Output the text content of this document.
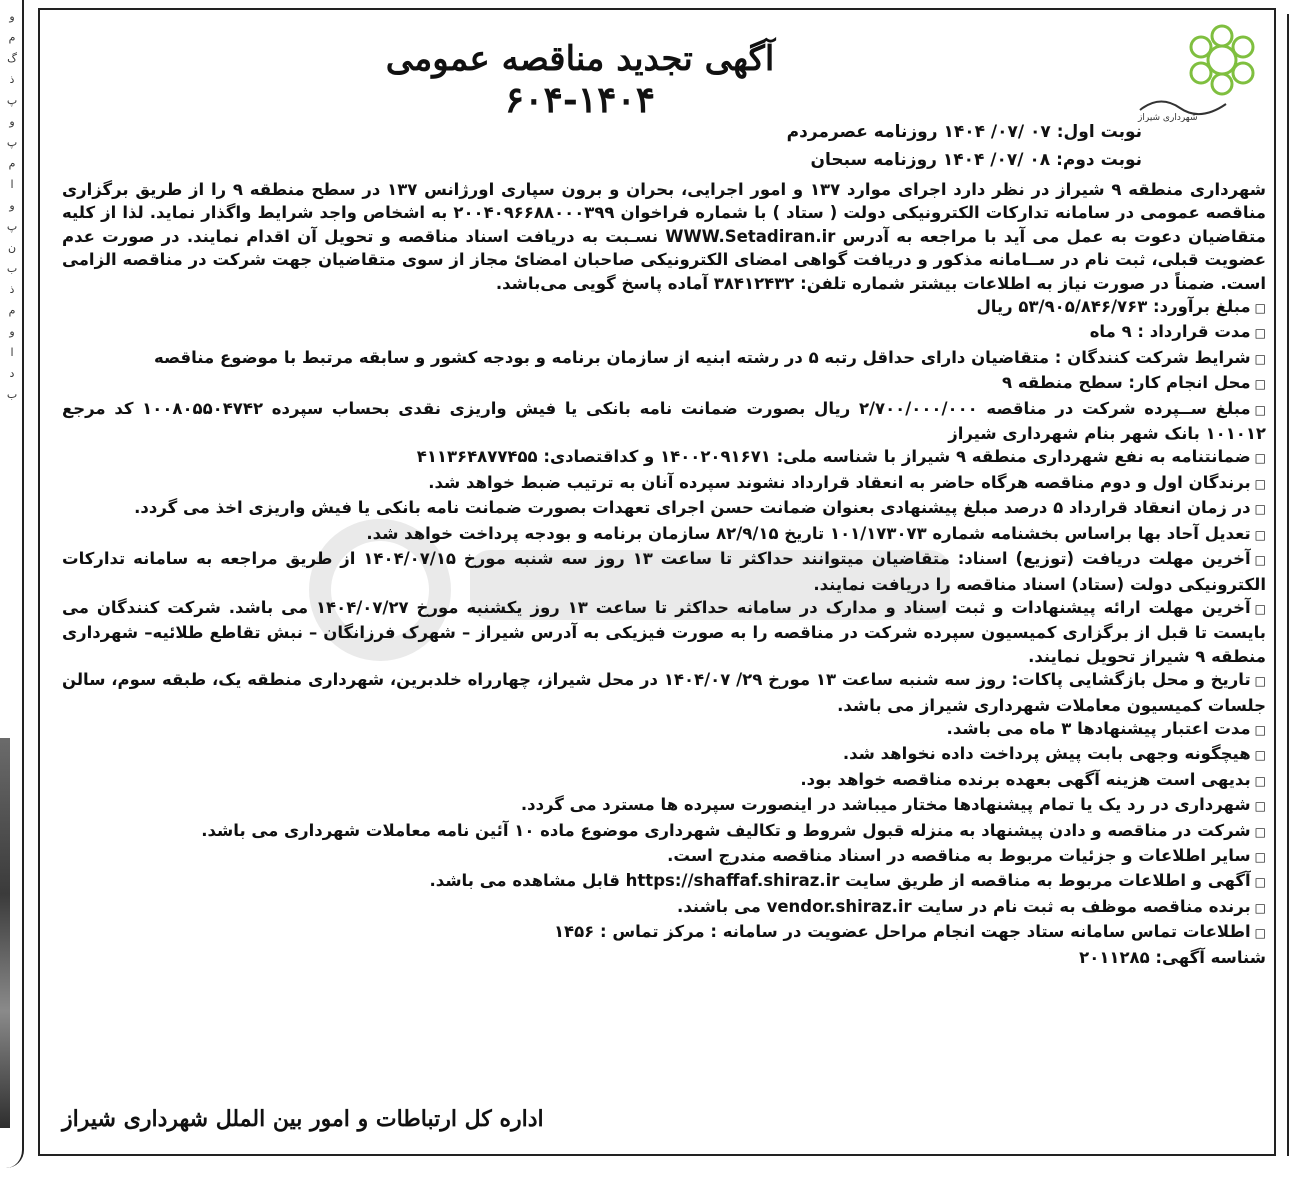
و
م
گ
ذ
پ
و
پ
م
ا
و
پ
ن
ب
ذ
م
و
ا
د
ب
شهرداری شیراز
آگهی تجدید مناقصه عمومی
۶۰۴-۱۴۰۴
نوبت اول: ۰۷ /۰۷/ ۱۴۰۴ روزنامه عصرمردم
نوبت دوم: ۰۸ /۰۷/ ۱۴۰۴ روزنامه سبحان

شهرداری منطقه ۹ شیراز در نظر دارد اجرای موارد ۱۳۷ و امور اجرایی، بحران و برون سپاری اورژانس ۱۳۷ در سطح منطقه ۹ را از طریق برگزاری مناقصه عمومی در سامانه تدارکات الکترونیکی دولت ( ستاد ) با شماره فراخوان ۲۰۰۴۰۹۶۶۸۸۰۰۰۳۹۹ به اشخاص واجد شرایط واگذار نماید. لذا از کلیه متقاضیان دعوت به عمل می آید با مراجعه به آدرس WWW.Setadiran.ir نسـبت به دریافت اسناد مناقصه و تحویل آن اقدام نمایند. در صورت عدم عضویت قبلی، ثبت نام در ســامانه مذکور و دریافت گواهی امضای الکترونیکی صاحبان امضائ مجاز از سوی متقاضیان جهت شرکت در مناقصه الزامی است. ضمناً در صورت نیاز به اطلاعات بیشتر شماره تلفن: ۳۸۴۱۲۴۳۲ آماده پاسخ گویی می‌باشد.

□ مبلغ برآورد: ۵۳/۹۰۵/۸۴۶/۷۶۳ ریال

□ مدت قرارداد : ۹ ماه

□ شرایط شرکت کنندگان : متقاضیان دارای حداقل رتبه ۵ در رشته ابنیه از سازمان برنامه و بودجه کشور و سابقه مرتبط با موضوع مناقصه

□ محل انجام کار: سطح منطقه ۹

□ مبلغ ســپرده شرکت در مناقصه ۲/۷۰۰/۰۰۰/۰۰۰ ریال بصورت ضمانت نامه بانکی یا فیش واریزی نقدی بحساب سپرده ۱۰۰۸۰۵۵۰۴۷۴۲ کد مرجع ۱۰۱۰۱۲ بانک شهر بنام شهرداری شیراز

□ ضمانتنامه به نفع شهرداری منطقه ۹ شیراز با شناسه ملی: ۱۴۰۰۲۰۹۱۶۷۱ و کداقتصادی: ۴۱۱۳۶۴۸۷۷۴۵۵

□ برندگان اول و دوم مناقصه هرگاه حاضر به انعقاد قرارداد نشوند سپرده آنان به ترتیب ضبط خواهد شد.

□ در زمان انعقاد قرارداد ۵ درصد مبلغ پیشنهادی بعنوان ضمانت حسن اجرای تعهدات بصورت ضمانت نامه بانکی یا فیش واریزی اخذ می گردد.

□ تعدیل آحاد بها براساس بخشنامه شماره ۱۰۱/۱۷۳۰۷۳ تاریخ ۸۲/۹/۱۵ سازمان برنامه و بودجه پرداخت خواهد شد.

□ آخرین مهلت دریافت (توزیع) اسناد: متقاضیان میتوانند حداکثر تا ساعت ۱۳ روز سه شنبه مورخ ۱۴۰۴/۰۷/۱۵ از طریق مراجعه به سامانه تدارکات الکترونیکی دولت (ستاد) اسناد مناقصه را دریافت نمایند.

□ آخرین مهلت ارائه پیشنهادات و ثبت اسناد و مدارک در سامانه حداکثر تا ساعت ۱۳ روز یکشنبه مورخ ۱۴۰۴/۰۷/۲۷ می باشد. شرکت کنندگان می بایست تا قبل از برگزاری کمیسیون سپرده شرکت در مناقصه را به صورت فیزیکی به آدرس شیراز – شهرک فرزانگان – نبش تقاطع طلائیه– شهرداری منطقه ۹ شیراز تحویل نمایند.

□ تاریخ و محل بازگشایی پاکات: روز سه شنبه ساعت ۱۳ مورخ ۲۹/ ۱۴۰۴/۰۷ در محل شیراز، چهارراه خلدبرین، شهرداری منطقه یک، طبقه سوم، سالن جلسات کمیسیون معاملات شهرداری شیراز می باشد.

□ مدت اعتبار پیشنهادها ۳ ماه می باشد.

□ هیچگونه وجهی بابت پیش پرداخت داده نخواهد شد.

□ بدیهی است هزینه آگهی بعهده برنده مناقصه خواهد بود.

□ شهرداری در رد یک یا تمام پیشنهادها مختار میباشد در اینصورت سپرده ها مسترد می گردد.

□ شرکت در مناقصه و دادن پیشنهاد به منزله قبول شروط و تکالیف شهرداری موضوع ماده ۱۰ آئین نامه معاملات شهرداری می باشد.

□ سایر اطلاعات و جزئیات مربوط به مناقصه در اسناد مناقصه مندرج است.

□ آگهی و اطلاعات مربوط به مناقصه از طریق سایت https://shaffaf.shiraz.ir قابل مشاهده می باشد.

□ برنده مناقصه موظف به ثبت نام در سایت vendor.shiraz.ir می باشند.

□ اطلاعات تماس سامانه ستاد جهت انجام مراحل عضویت در سامانه : مرکز تماس : ۱۴۵۶

شناسه آگهی: ۲۰۱۱۲۸۵

اداره کل ارتباطات و امور بین الملل شهرداری شیراز
